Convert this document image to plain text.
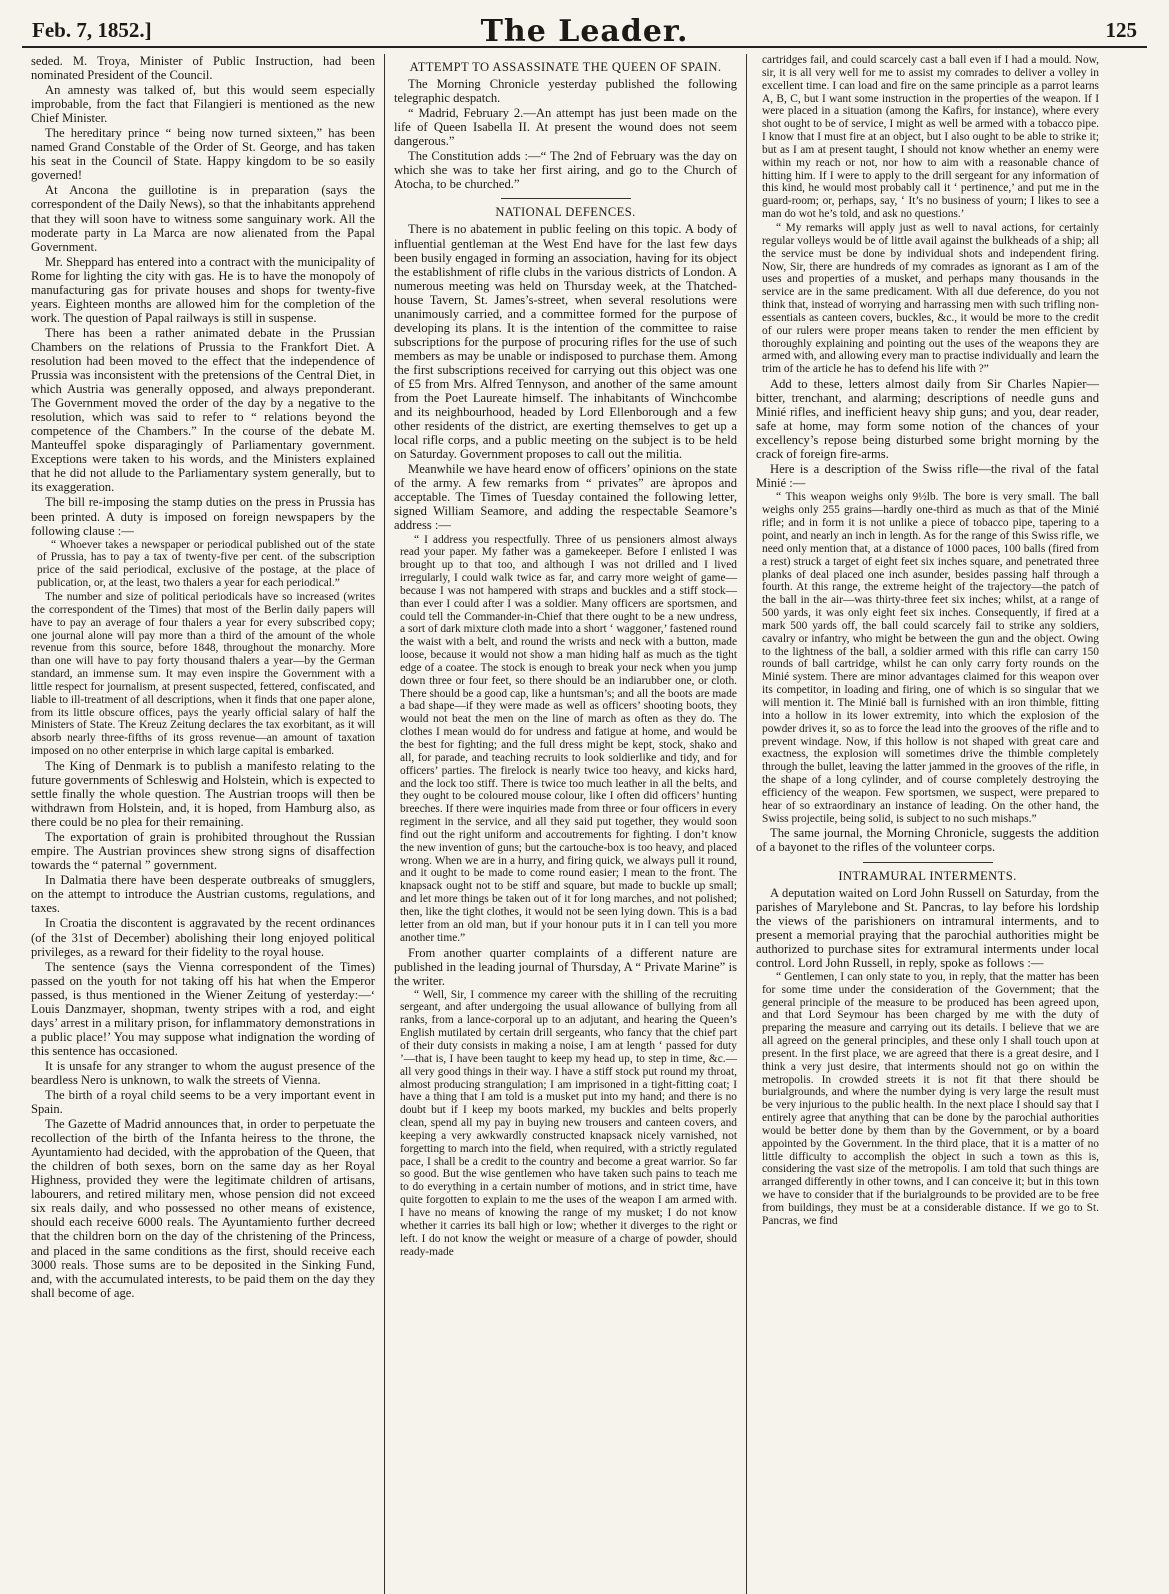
Feb. 7, 1852.]	The Leader.	125

seded. M. Troya, Minister of Public Instruction, had been nominated President of the Council.

An amnesty was talked of, but this would seem especially improbable, from the fact that Filangieri is mentioned as the new Chief Minister.

The hereditary prince “ being now turned sixteen,” has been named Grand Constable of the Order of St. George, and has taken his seat in the Council of State. Happy kingdom to be so easily governed!

At Ancona the guillotine is in preparation (says the correspondent of the Daily News), so that the inhabitants apprehend that they will soon have to witness some sanguinary work. All the moderate party in La Marca are now alienated from the Papal Government.

Mr. Sheppard has entered into a contract with the municipality of Rome for lighting the city with gas. He is to have the monopoly of manufacturing gas for private houses and shops for twenty-five years. Eighteen months are allowed him for the completion of the work. The question of Papal railways is still in suspense.

There has been a rather animated debate in the Prussian Chambers on the relations of Prussia to the Frankfort Diet. A resolution had been moved to the effect that the independence of Prussia was inconsistent with the pretensions of the Central Diet, in which Austria was generally opposed, and always preponderant. The Government moved the order of the day by a negative to the resolution, which was said to refer to “ relations beyond the competence of the Chambers.” In the course of the debate M. Manteuffel spoke disparagingly of Parliamentary government. Exceptions were taken to his words, and the Ministers explained that he did not allude to the Parliamentary system generally, but to its exaggeration.

The bill re-imposing the stamp duties on the press in Prussia has been printed. A duty is imposed on foreign newspapers by the following clause :—

“ Whoever takes a newspaper or periodical published out of the state of Prussia, has to pay a tax of twenty-five per cent. of the subscription price of the said periodical, exclusive of the postage, at the place of publication, or, at the least, two thalers a year for each periodical.”

The number and size of political periodicals have so increased (writes the correspondent of the Times) that most of the Berlin daily papers will have to pay an average of four thalers a year for every subscribed copy; one journal alone will pay more than a third of the amount of the whole revenue from this source, before 1848, throughout the monarchy. More than one will have to pay forty thousand thalers a year—by the German standard, an immense sum. It may even inspire the Government with a little respect for journalism, at present suspected, fettered, confiscated, and liable to ill-treatment of all descriptions, when it finds that one paper alone, from its little obscure offices, pays the yearly official salary of half the Ministers of State. The Kreuz Zeitung declares the tax exorbitant, as it will absorb nearly three-fifths of its gross revenue—an amount of taxation imposed on no other enterprise in which large capital is embarked.

The King of Denmark is to publish a manifesto relating to the future governments of Schleswig and Holstein, which is expected to settle finally the whole question. The Austrian troops will then be withdrawn from Holstein, and, it is hoped, from Hamburg also, as there could be no plea for their remaining.

The exportation of grain is prohibited throughout the Russian empire. The Austrian provinces shew strong signs of disaffection towards the “ paternal ” government.

In Dalmatia there have been desperate outbreaks of smugglers, on the attempt to introduce the Austrian customs, regulations, and taxes.

In Croatia the discontent is aggravated by the recent ordinances (of the 31st of December) abolishing their long enjoyed political privileges, as a reward for their fidelity to the royal house.

The sentence (says the Vienna correspondent of the Times) passed on the youth for not taking off his hat when the Emperor passed, is thus mentioned in the Wiener Zeitung of yesterday:—‘ Louis Danzmayer, shopman, twenty stripes with a rod, and eight days’ arrest in a military prison, for inflammatory demonstrations in a public place!’ You may suppose what indignation the wording of this sentence has occasioned.

It is unsafe for any stranger to whom the august presence of the beardless Nero is unknown, to walk the streets of Vienna.

The birth of a royal child seems to be a very important event in Spain.

The Gazette of Madrid announces that, in order to perpetuate the recollection of the birth of the Infanta heiress to the throne, the Ayuntamiento had decided, with the approbation of the Queen, that the children of both sexes, born on the same day as her Royal Highness, provided they were the legitimate children of artisans, labourers, and retired military men, whose pension did not exceed six reals daily, and who possessed no other means of existence, should each receive 6000 reals. The Ayuntamiento further decreed that the children born on the day of the christening of the Princess, and placed in the same conditions as the first, should receive each 3000 reals. Those sums are to be deposited in the Sinking Fund, and, with the accumulated interests, to be paid them on the day they shall become of age.

ATTEMPT TO ASSASSINATE THE QUEEN OF SPAIN.

The Morning Chronicle yesterday published the following telegraphic despatch.

“ Madrid, February 2.—An attempt has just been made on the life of Queen Isabella II. At present the wound does not seem dangerous.”

The Constitution adds :—“ The 2nd of February was the day on which she was to take her first airing, and go to the Church of Atocha, to be churched.”

NATIONAL DEFENCES.

There is no abatement in public feeling on this topic. A body of influential gentleman at the West End have for the last few days been busily engaged in forming an association, having for its object the establishment of rifle clubs in the various districts of London. A numerous meeting was held on Thursday week, at the Thatched-house Tavern, St. James’s-street, when several resolutions were unanimously carried, and a committee formed for the purpose of developing its plans. It is the intention of the committee to raise subscriptions for the purpose of procuring rifles for the use of such members as may be unable or indisposed to purchase them. Among the first subscriptions received for carrying out this object was one of £5 from Mrs. Alfred Tennyson, and another of the same amount from the Poet Laureate himself. The inhabitants of Winchcombe and its neighbourhood, headed by Lord Ellenborough and a few other residents of the district, are exerting themselves to get up a local rifle corps, and a public meeting on the subject is to be held on Saturday. Government proposes to call out the militia.

Meanwhile we have heard enow of officers’ opinions on the state of the army. A few remarks from “ privates” are àpropos and acceptable. The Times of Tuesday contained the following letter, signed William Seamore, and adding the respectable Seamore’s address :—

“ I address you respectfully. Three of us pensioners almost always read your paper. My father was a gamekeeper. Before I enlisted I was brought up to that too, and although I was not drilled and I lived irregularly, I could walk twice as far, and carry more weight of game—because I was not hampered with straps and buckles and a stiff stock—than ever I could after I was a soldier. Many officers are sportsmen, and could tell the Commander-in-Chief that there ought to be a new undress, a sort of dark mixture cloth made into a short ‘ waggoner,’ fastened round the waist with a belt, and round the wrists and neck with a button, made loose, because it would not show a man hiding half as much as the tight edge of a coatee. The stock is enough to break your neck when you jump down three or four feet, so there should be an indiarubber one, or cloth. There should be a good cap, like a huntsman’s; and all the boots are made a bad shape—if they were made as well as officers’ shooting boots, they would not beat the men on the line of march as often as they do. The clothes I mean would do for undress and fatigue at home, and would be the best for fighting; and the full dress might be kept, stock, shako and all, for parade, and teaching recruits to look soldierlike and tidy, and for officers’ parties. The firelock is nearly twice too heavy, and kicks hard, and the lock too stiff. There is twice too much leather in all the belts, and they ought to be coloured mouse colour, like I often did officers’ hunting breeches. If there were inquiries made from three or four officers in every regiment in the service, and all they said put together, they would soon find out the right uniform and accoutrements for fighting. I don’t know the new invention of guns; but the cartouche-box is too heavy, and placed wrong. When we are in a hurry, and firing quick, we always pull it round, and it ought to be made to come round easier; I mean to the front. The knapsack ought not to be stiff and square, but made to buckle up small; and let more things be taken out of it for long marches, and not polished; then, like the tight clothes, it would not be seen lying down. This is a bad letter from an old man, but if your honour puts it in I can tell you more another time.”

From another quarter complaints of a different nature are published in the leading journal of Thursday, A “ Private Marine” is the writer.

“ Well, Sir, I commence my career with the shilling of the recruiting sergeant, and after undergoing the usual allowance of bullying from all ranks, from a lance-corporal up to an adjutant, and hearing the Queen’s English mutilated by certain drill sergeants, who fancy that the chief part of their duty consists in making a noise, I am at length ‘ passed for duty ’—that is, I have been taught to keep my head up, to step in time, &c.—all very good things in their way. I have a stiff stock put round my throat, almost producing strangulation; I am imprisoned in a tight-fitting coat; I have a thing that I am told is a musket put into my hand; and there is no doubt but if I keep my boots marked, my buckles and belts properly clean, spend all my pay in buying new trousers and canteen covers, and keeping a very awkwardly constructed knapsack nicely varnished, not forgetting to march into the field, when required, with a strictly regulated pace, I shall be a credit to the country and become a great warrior. So far so good. But the wise gentlemen who have taken such pains to teach me to do everything in a certain number of motions, and in strict time, have quite forgotten to explain to me the uses of the weapon I am armed with. I have no means of knowing the range of my musket; I do not know whether it carries its ball high or low; whether it diverges to the right or left. I do not know the weight or measure of a charge of powder, should ready-made

cartridges fail, and could scarcely cast a ball even if I had a mould. Now, sir, it is all very well for me to assist my comrades to deliver a volley in excellent time. I can load and fire on the same principle as a parrot learns A, B, C, but I want some instruction in the properties of the weapon. If I were placed in a situation (among the Kafirs, for instance), where every shot ought to be of service, I might as well be armed with a tobacco pipe. I know that I must fire at an object, but I also ought to be able to strike it; but as I am at present taught, I should not know whether an enemy were within my reach or not, nor how to aim with a reasonable chance of hitting him. If I were to apply to the drill sergeant for any information of this kind, he would most probably call it ‘ pertinence,’ and put me in the guard-room; or, perhaps, say, ‘ It’s no business of yourn; I likes to see a man do wot he’s told, and ask no questions.’

“ My remarks will apply just as well to naval actions, for certainly regular volleys would be of little avail against the bulkheads of a ship; all the service must be done by individual shots and independent firing. Now, Sir, there are hundreds of my comrades as ignorant as I am of the uses and properties of a musket, and perhaps many thousands in the service are in the same predicament. With all due deference, do you not think that, instead of worrying and harrassing men with such trifling non-essentials as canteen covers, buckles, &c., it would be more to the credit of our rulers were proper means taken to render the men efficient by thoroughly explaining and pointing out the uses of the weapons they are armed with, and allowing every man to practise individually and learn the trim of the article he has to defend his life with ?”

Add to these, letters almost daily from Sir Charles Napier—bitter, trenchant, and alarming; descriptions of needle guns and Minié rifles, and inefficient heavy ship guns; and you, dear reader, safe at home, may form some notion of the chances of your excellency’s repose being disturbed some bright morning by the crack of foreign fire-arms.

Here is a description of the Swiss rifle—the rival of the fatal Minié :—

“ This weapon weighs only 9½lb. The bore is very small. The ball weighs only 255 grains—hardly one-third as much as that of the Minié rifle; and in form it is not unlike a piece of tobacco pipe, tapering to a point, and nearly an inch in length. As for the range of this Swiss rifle, we need only mention that, at a distance of 1000 paces, 100 balls (fired from a rest) struck a target of eight feet six inches square, and penetrated three planks of deal placed one inch asunder, besides passing half through a fourth. At this range, the extreme height of the trajectory—the patch of the ball in the air—was thirty-three feet six inches; whilst, at a range of 500 yards, it was only eight feet six inches. Consequently, if fired at a mark 500 yards off, the ball could scarcely fail to strike any soldiers, cavalry or infantry, who might be between the gun and the object. Owing to the lightness of the ball, a soldier armed with this rifle can carry 150 rounds of ball cartridge, whilst he can only carry forty rounds on the Minié system. There are minor advantages claimed for this weapon over its competitor, in loading and firing, one of which is so singular that we will mention it. The Minié ball is furnished with an iron thimble, fitting into a hollow in its lower extremity, into which the explosion of the powder drives it, so as to force the lead into the grooves of the rifle and to prevent windage. Now, if this hollow is not shaped with great care and exactness, the explosion will sometimes drive the thimble completely through the bullet, leaving the latter jammed in the grooves of the rifle, in the shape of a long cylinder, and of course completely destroying the efficiency of the weapon. Few sportsmen, we suspect, were prepared to hear of so extraordinary an instance of leading. On the other hand, the Swiss projectile, being solid, is subject to no such mishaps.”

The same journal, the Morning Chronicle, suggests the addition of a bayonet to the rifles of the volunteer corps.

INTRAMURAL INTERMENTS.

A deputation waited on Lord John Russell on Saturday, from the parishes of Marylebone and St. Pancras, to lay before his lordship the views of the parishioners on intramural interments, and to present a memorial praying that the parochial authorities might be authorized to purchase sites for extramural interments under local control. Lord John Russell, in reply, spoke as follows :—

“ Gentlemen, I can only state to you, in reply, that the matter has been for some time under the consideration of the Government; that the general principle of the measure to be produced has been agreed upon, and that Lord Seymour has been charged by me with the duty of preparing the measure and carrying out its details. I believe that we are all agreed on the general principles, and these only I shall touch upon at present. In the first place, we are agreed that there is a great desire, and I think a very just desire, that interments should not go on within the metropolis. In crowded streets it is not fit that there should be burialgrounds, and where the number dying is very large the result must be very injurious to the public health. In the next place I should say that I entirely agree that anything that can be done by the parochial authorities would be better done by them than by the Government, or by a board appointed by the Government. In the third place, that it is a matter of no little difficulty to accomplish the object in such a town as this is, considering the vast size of the metropolis. I am told that such things are arranged differently in other towns, and I can conceive it; but in this town we have to consider that if the burialgrounds to be provided are to be free from buildings, they must be at a considerable distance. If we go to St. Pancras, we find
